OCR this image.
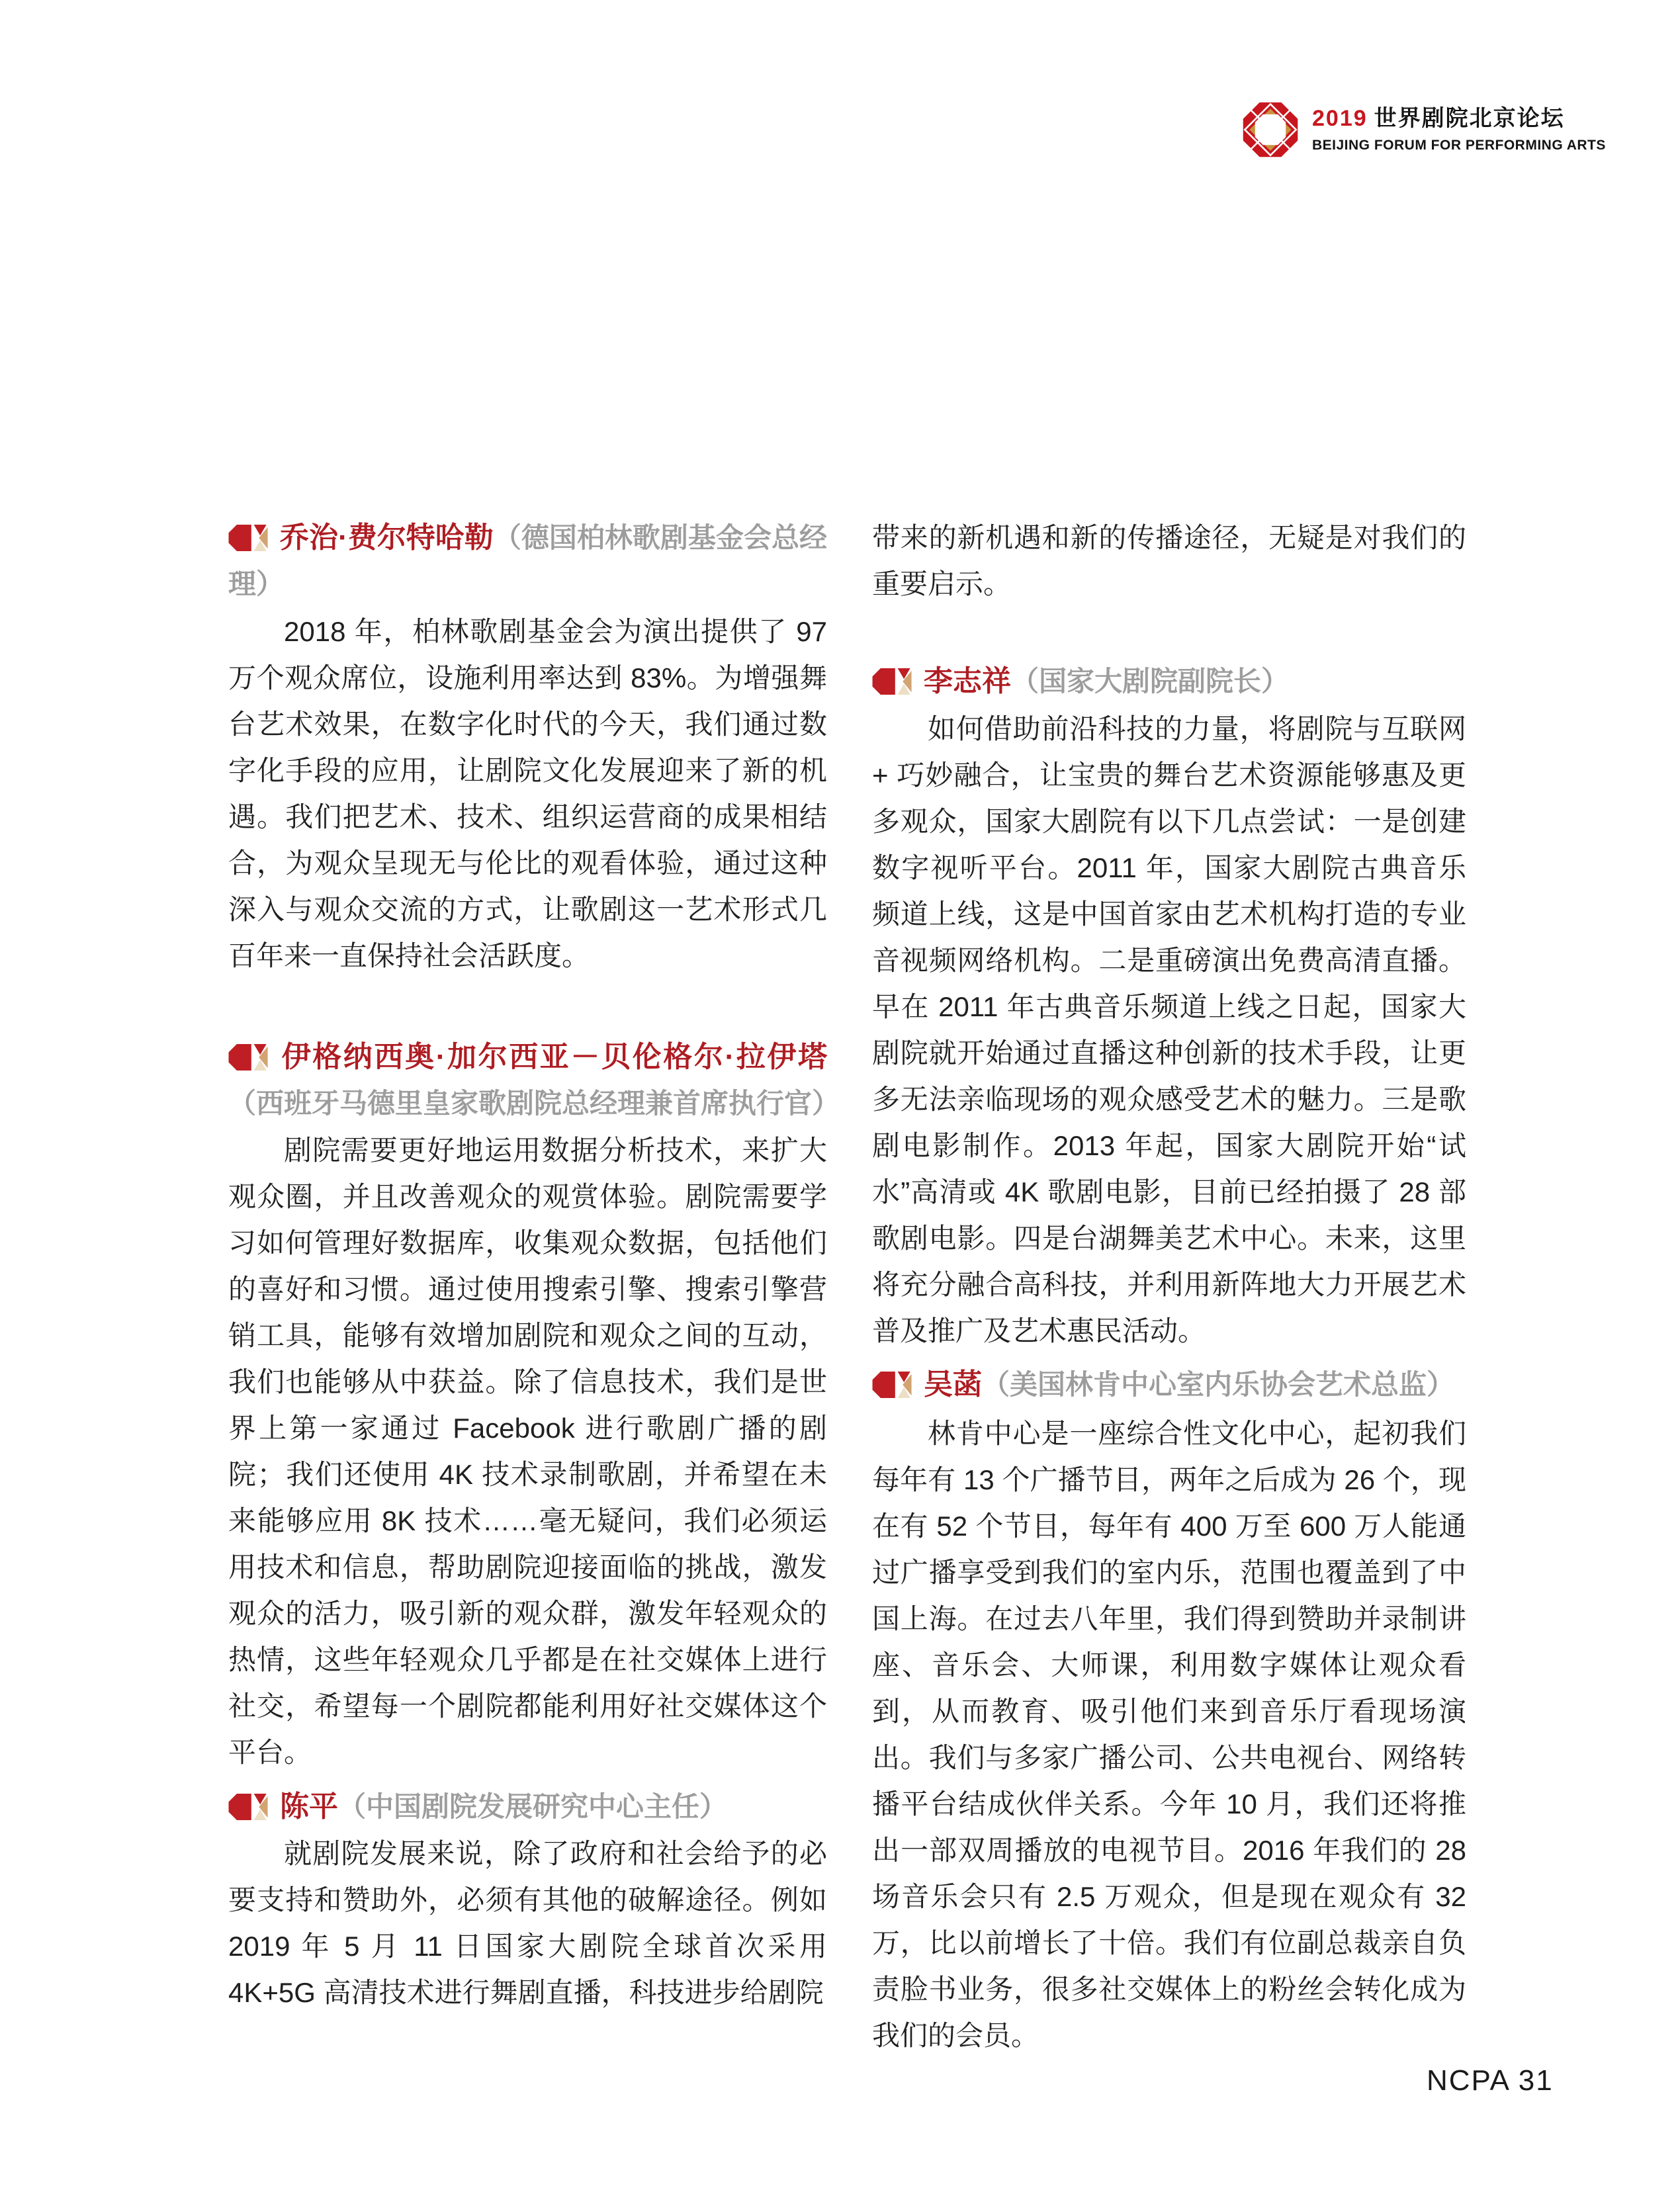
2019 世界剧院北京论坛
BEIJING FORUM FOR PERFORMING ARTS
乔治·费尔特哈勒（德国柏林歌剧基金会总经理）
2018 年，柏林歌剧基金会为演出提供了 97 万个观众席位，设施利用率达到 83%。为增强舞台艺术效果，在数字化时代的今天，我们通过数字化手段的应用，让剧院文化发展迎来了新的机遇。我们把艺术、技术、组织运营商的成果相结合，为观众呈现无与伦比的观看体验，通过这种深入与观众交流的方式，让歌剧这一艺术形式几百年来一直保持社会活跃度。
伊格纳西奥·加尔西亚－贝伦格尔·拉伊塔（西班牙马德里皇家歌剧院总经理兼首席执行官）
剧院需要更好地运用数据分析技术，来扩大观众圈，并且改善观众的观赏体验。剧院需要学习如何管理好数据库，收集观众数据，包括他们的喜好和习惯。通过使用搜索引擎、搜索引擎营销工具，能够有效增加剧院和观众之间的互动，我们也能够从中获益。除了信息技术，我们是世界上第一家通过 Facebook 进行歌剧广播的剧院；我们还使用 4K 技术录制歌剧，并希望在未来能够应用 8K 技术……毫无疑问，我们必须运用技术和信息，帮助剧院迎接面临的挑战，激发观众的活力，吸引新的观众群，激发年轻观众的热情，这些年轻观众几乎都是在社交媒体上进行社交，希望每一个剧院都能利用好社交媒体这个平台。
陈平（中国剧院发展研究中心主任）
就剧院发展来说，除了政府和社会给予的必要支持和赞助外，必须有其他的破解途径。例如 2019 年 5 月 11 日国家大剧院全球首次采用 4K+5G 高清技术进行舞剧直播，科技进步给剧院
带来的新机遇和新的传播途径，无疑是对我们的重要启示。
李志祥（国家大剧院副院长）
如何借助前沿科技的力量，将剧院与互联网 + 巧妙融合，让宝贵的舞台艺术资源能够惠及更多观众，国家大剧院有以下几点尝试：一是创建数字视听平台。2011 年，国家大剧院古典音乐频道上线，这是中国首家由艺术机构打造的专业音视频网络机构。二是重磅演出免费高清直播。早在 2011 年古典音乐频道上线之日起，国家大剧院就开始通过直播这种创新的技术手段，让更多无法亲临现场的观众感受艺术的魅力。三是歌剧电影制作。2013 年起，国家大剧院开始“试水”高清或 4K 歌剧电影，目前已经拍摄了 28 部歌剧电影。四是台湖舞美艺术中心。未来，这里将充分融合高科技，并利用新阵地大力开展艺术普及推广及艺术惠民活动。
吴菡（美国林肯中心室内乐协会艺术总监）
林肯中心是一座综合性文化中心，起初我们每年有 13 个广播节目，两年之后成为 26 个，现在有 52 个节目，每年有 400 万至 600 万人能通过广播享受到我们的室内乐，范围也覆盖到了中国上海。在过去八年里，我们得到赞助并录制讲座、音乐会、大师课，利用数字媒体让观众看到，从而教育、吸引他们来到音乐厅看现场演出。我们与多家广播公司、公共电视台、网络转播平台结成伙伴关系。今年 10 月，我们还将推出一部双周播放的电视节目。2016 年我们的 28 场音乐会只有 2.5 万观众，但是现在观众有 32 万，比以前增长了十倍。我们有位副总裁亲自负责脸书业务，很多社交媒体上的粉丝会转化成为我们的会员。
NCPA 31
